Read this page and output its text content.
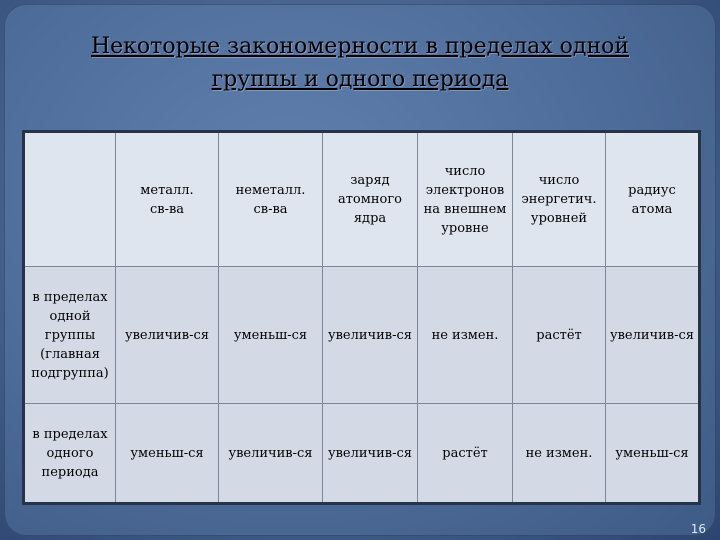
Некоторые закономерности в пределах одной
группы и одного периода
	металл.
св-ва	неметалл.
св-ва	заряд
атомного
ядра	число
электронов
на внешнем
уровне	число
энергетич.
уровней	радиус
атома
в пределах
одной
группы
(главная
подгруппа)	увеличив-ся	уменьш-ся	увеличив-ся	не измен.	растёт	увеличив-ся
в пределах
одного
периода	уменьш-ся	увеличив-ся	увеличив-ся	растёт	не измен.	уменьш-ся
16
